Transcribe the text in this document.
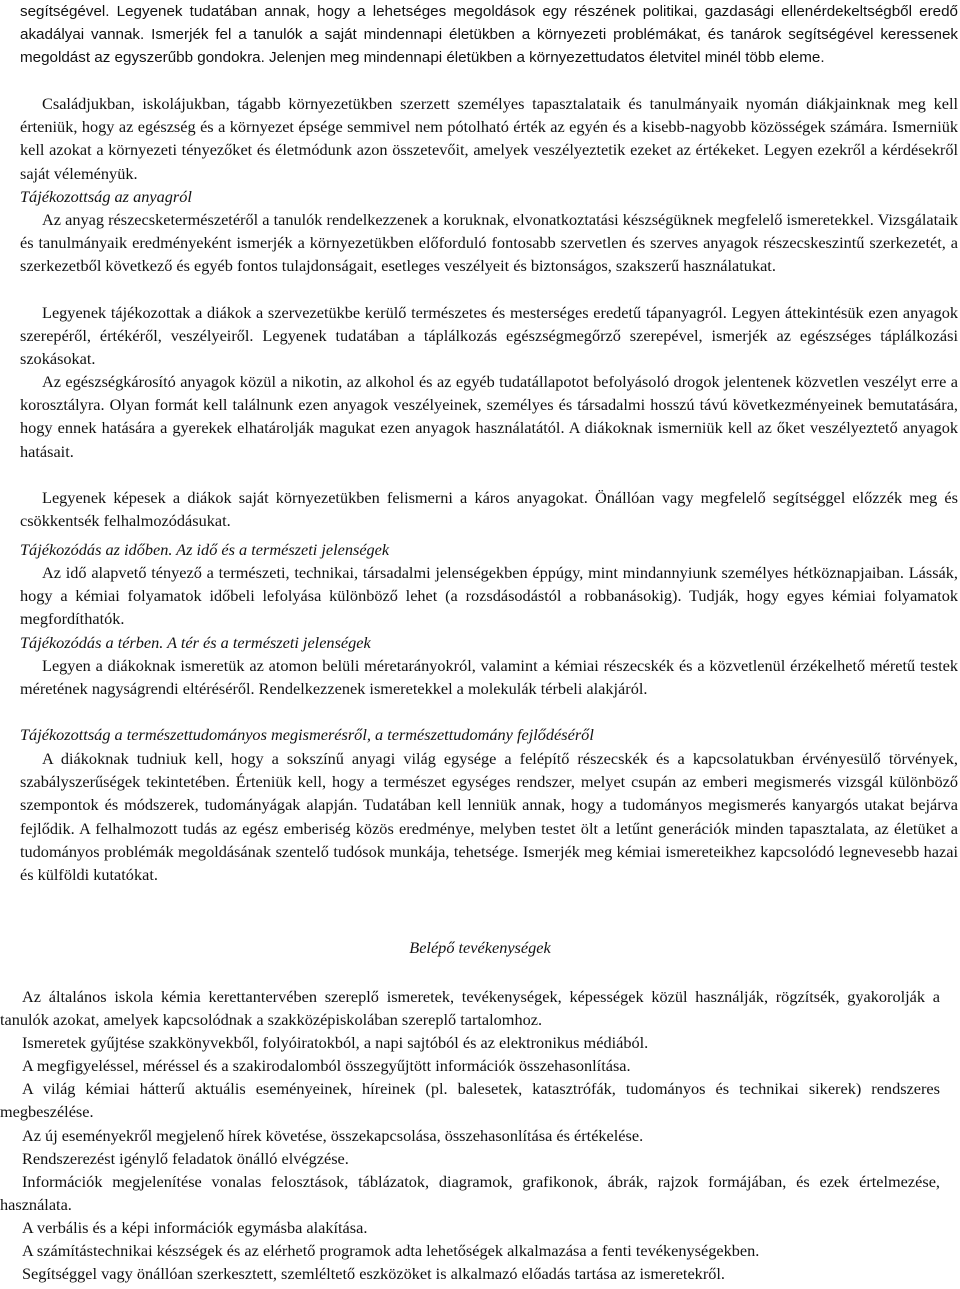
segítségével. Legyenek tudatában annak, hogy a lehetséges megoldások egy részének politikai, gazdasági ellenérdekeltségből eredő akadályai vannak. Ismerjék fel a tanulók a saját mindennapi életükben a környezeti problémákat, és tanárok segítségével keressenek megoldást az egyszerűbb gondokra. Jelenjen meg mindennapi életükben a környezettudatos életvitel minél több eleme.

Családjukban, iskolájukban, tágabb környezetükben szerzett személyes tapasztalataik és tanulmányaik nyomán diákjainknak meg kell érteniük, hogy az egészség és a környezet épsége semmivel nem pótolható érték az egyén és a kisebb-nagyobb közösségek számára. Ismerniük kell azokat a környezeti tényezőket és életmódunk azon összetevőit, amelyek veszélyeztetik ezeket az értékeket. Legyen ezekről a kérdésekről saját véleményük.

Tájékozottság az anyagról

Az anyag részecsketermészetéről a tanulók rendelkezzenek a koruknak, elvonatkoztatási készségüknek megfelelő ismeretekkel. Vizsgálataik és tanulmányaik eredményeként ismerjék a környezetükben előforduló fontosabb szervetlen és szerves anyagok részecskeszintű szerkezetét, a szerkezetből következő és egyéb fontos tulajdonságait, esetleges veszélyeit és biztonságos, szakszerű használatukat.

Legyenek tájékozottak a diákok a szervezetükbe kerülő természetes és mesterséges eredetű tápanyagról. Legyen áttekintésük ezen anyagok szerepéről, értékéről, veszélyeiről. Legyenek tudatában a táplálkozás egészségmegőrző szerepével, ismerjék az egészséges táplálkozási szokásokat.

Az egészségkárosító anyagok közül a nikotin, az alkohol és az egyéb tudatállapotot befolyásoló drogok jelentenek közvetlen veszélyt erre a korosztályra. Olyan formát kell találnunk ezen anyagok veszélyeinek, személyes és társadalmi hosszú távú következményeinek bemutatására, hogy ennek hatására a gyerekek elhatárolják magukat ezen anyagok használatától. A diákoknak ismerniük kell az őket veszélyeztető anyagok hatásait.

Legyenek képesek a diákok saját környezetükben felismerni a káros anyagokat. Önállóan vagy megfelelő segítséggel előzzék meg és csökkentsék felhalmozódásukat.

Tájékozódás az időben. Az idő és a természeti jelenségek

Az idő alapvető tényező a természeti, technikai, társadalmi jelenségekben éppúgy, mint mindannyiunk személyes hétköznapjaiban. Lássák, hogy a kémiai folyamatok időbeli lefolyása különböző lehet (a rozsdásodástól a robbanásokig). Tudják, hogy egyes kémiai folyamatok megfordíthatók.

Tájékozódás a térben. A tér és a természeti jelenségek

Legyen a diákoknak ismeretük az atomon belüli méretarányokról, valamint a kémiai részecskék és a közvetlenül érzékelhető méretű testek méretének nagyságrendi eltéréséről. Rendelkezzenek ismeretekkel a molekulák térbeli alakjáról.

Tájékozottság a természettudományos megismerésről, a természettudomány fejlődéséről

A diákoknak tudniuk kell, hogy a sokszínű anyagi világ egysége a felépítő részecskék és a kapcsolatukban érvényesülő törvények, szabályszerűségek tekintetében. Érteniük kell, hogy a természet egységes rendszer, melyet csupán az emberi megismerés vizsgál különböző szempontok és módszerek, tudományágak alapján. Tudatában kell lenniük annak, hogy a tudományos megismerés kanyargós utakat bejárva fejlődik. A felhalmozott tudás az egész emberiség közös eredménye, melyben testet ölt a letűnt generációk minden tapasztalata, az életüket a tudományos problémák megoldásának szentelő tudósok munkája, tehetsége. Ismerjék meg kémiai ismereteikhez kapcsolódó legnevesebb hazai és külföldi kutatókat.

Belépő tevékenységek

Az általános iskola kémia kerettantervében szereplő ismeretek, tevékenységek, képességek közül használják, rögzítsék, gyakorolják a tanulók azokat, amelyek kapcsolódnak a szakközépiskolában szereplő tartalomhoz.

Ismeretek gyűjtése szakkönyvekből, folyóiratokból, a napi sajtóból és az elektronikus médiából.

A megfigyeléssel, méréssel és a szakirodalomból összegyűjtött információk összehasonlítása.

A világ kémiai hátterű aktuális eseményeinek, híreinek (pl. balesetek, katasztrófák, tudományos és technikai sikerek) rendszeres megbeszélése.

Az új eseményekről megjelenő hírek követése, összekapcsolása, összehasonlítása és értékelése.

Rendszerezést igénylő feladatok önálló elvégzése.

Információk megjelenítése vonalas felosztások, táblázatok, diagramok, grafikonok, ábrák, rajzok formájában, és ezek értelmezése, használata.

A verbális és a képi információk egymásba alakítása.

A számítástechnikai készségek és az elérhető programok adta lehetőségek alkalmazása a fenti tevékenységekben.

Segítséggel vagy önállóan szerkesztett, szemléltető eszközöket is alkalmazó előadás tartása az ismeretekről.
